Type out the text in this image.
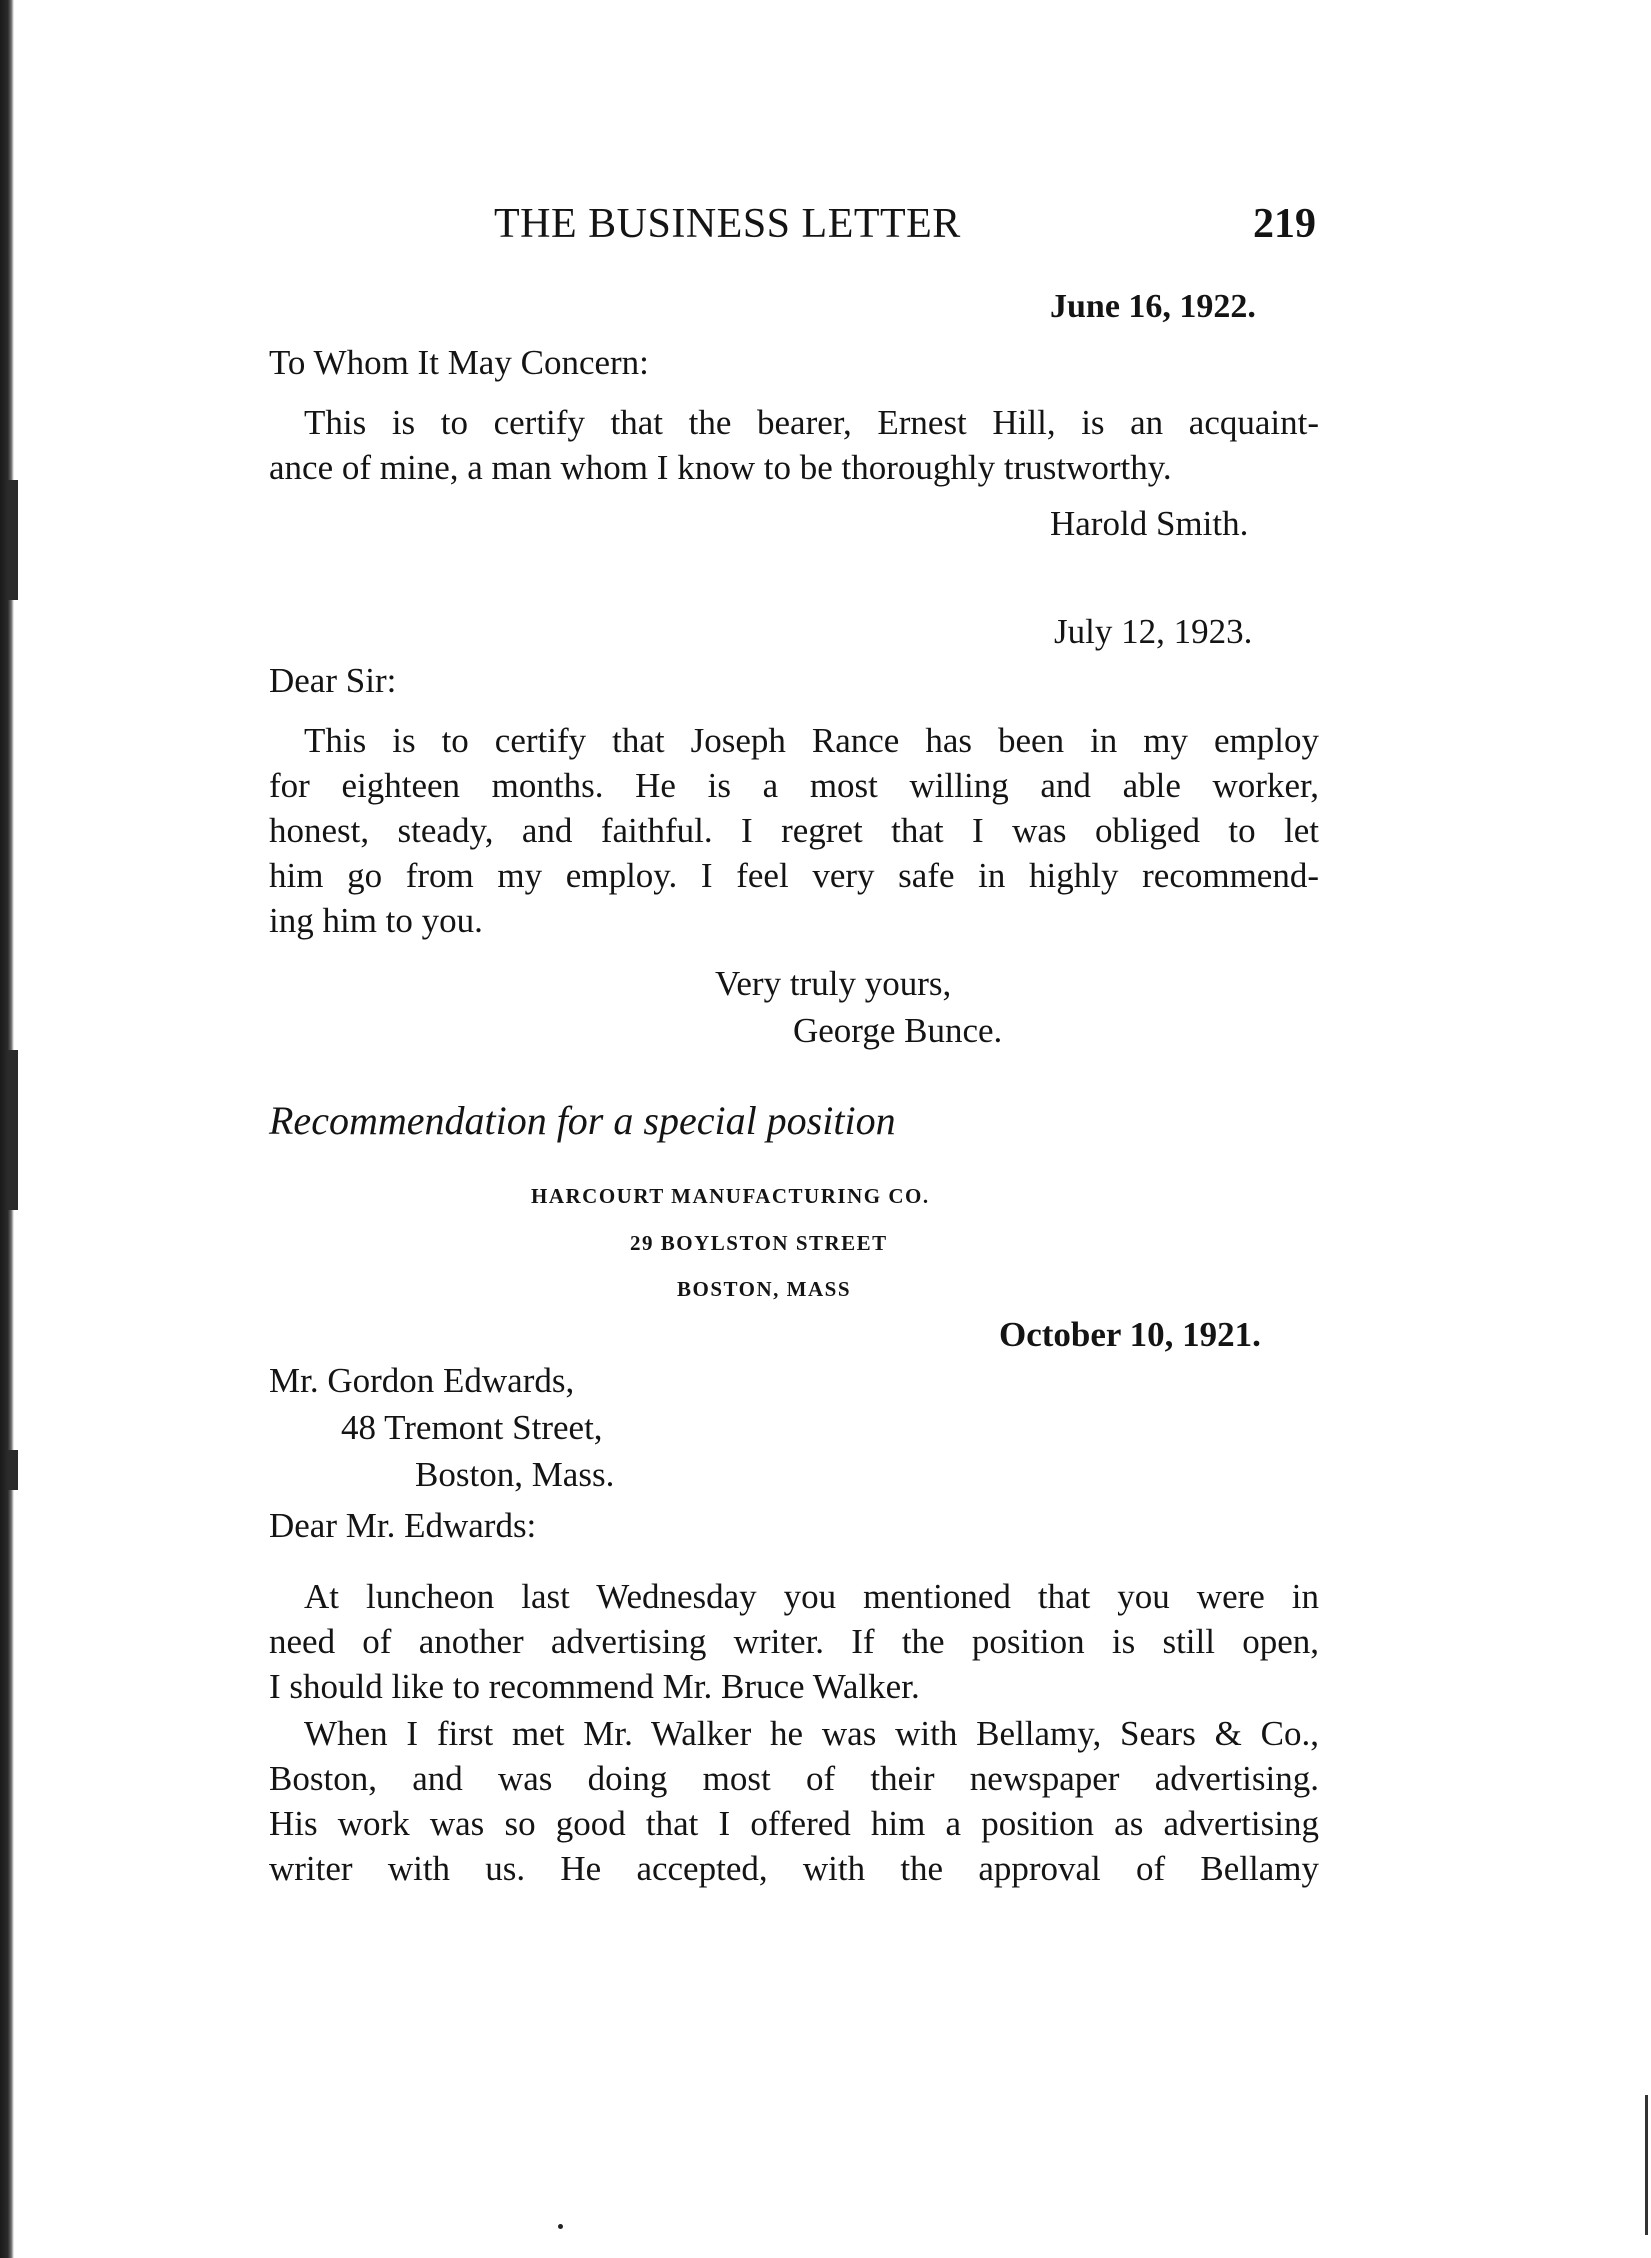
THE BUSINESS LETTER	219
June 16, 1922.
To Whom It May Concern:
This is to certify that the bearer, Ernest Hill, is an acquaint-
ance of mine, a man whom I know to be thoroughly trustworthy.
Harold Smith.
July 12, 1923.
Dear Sir:
This is to certify that Joseph Rance has been in my employ
for eighteen months. He is a most willing and able worker,
honest, steady, and faithful. I regret that I was obliged to let
him go from my employ. I feel very safe in highly recommend-
ing him to you.
Very truly yours,
George Bunce.
Recommendation for a special position
HARCOURT MANUFACTURING CO.
29 BOYLSTON STREET
BOSTON, MASS
October 10, 1921.
Mr. Gordon Edwards,
48 Tremont Street,
Boston, Mass.
Dear Mr. Edwards:
At luncheon last Wednesday you mentioned that you were in
need of another advertising writer. If the position is still open,
I should like to recommend Mr. Bruce Walker.
When I first met Mr. Walker he was with Bellamy, Sears & Co.,
Boston, and was doing most of their newspaper advertising.
His work was so good that I offered him a position as advertising
writer with us. He accepted, with the approval of Bellamy
